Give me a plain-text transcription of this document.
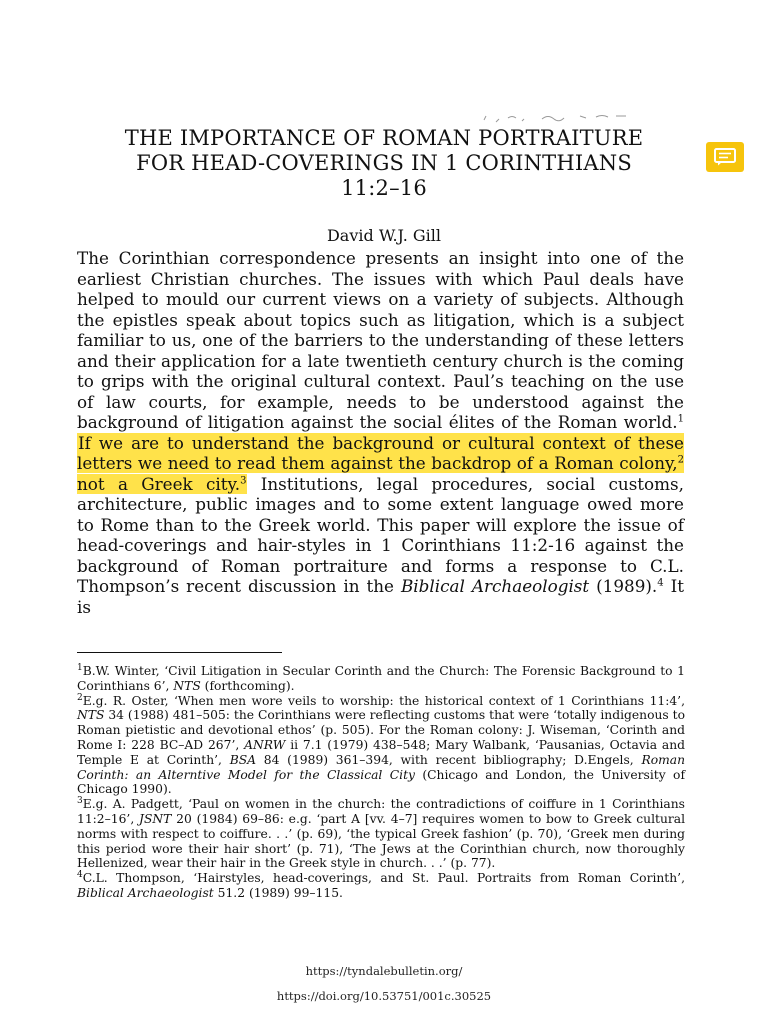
THE IMPORTANCE OF ROMAN PORTRAITURE
FOR HEAD-COVERINGS IN 1 CORINTHIANS
11:2–16
David W.J. Gill
The Corinthian correspondence presents an insight into one of the earliest Christian churches. The issues with which Paul deals have helped to mould our current views on a variety of subjects. Although the epistles speak about topics such as litigation, which is a subject familiar to us, one of the barriers to the understanding of these letters and their application for a late twentieth century church is the coming to grips with the original cultural context. Paul’s teaching on the use of law courts, for example, needs to be understood against the background of litigation against the social élites of the Roman world.$^1$ If we are to understand the background or cultural context of these letters we need to read them against the backdrop of a Roman colony,$^2$ not a Greek city.$^3$ Institutions, legal procedures, social customs, architecture, public images and to some extent language owed more to Rome than to the Greek world. This paper will explore the issue of head-coverings and hair-styles in 1 Corinthians 11:2-16 against the background of Roman portraiture and forms a response to C.L. Thompson’s recent discussion in the Biblical Archaeologist (1989).$^4$ It is

$^1$B.W. Winter, ‘Civil Litigation in Secular Corinth and the Church: The Forensic Background to 1 Corinthians 6’, NTS (forthcoming).

$^2$E.g. R. Oster, ‘When men wore veils to worship: the historical context of 1 Corinthians 11:4’, NTS 34 (1988) 481–505: the Corinthians were reflecting customs that were ‘totally indigenous to Roman pietistic and devotional ethos’ (p. 505). For the Roman colony: J. Wiseman, ‘Corinth and Rome I: 228 BC–AD 267’, ANRW ii 7.1 (1979) 438–548; Mary Walbank, ‘Pausanias, Octavia and Temple E at Corinth’, BSA 84 (1989) 361–394, with recent bibliography; D.Engels, Roman Corinth: an Alterntive Model for the Classical City (Chicago and London, the University of Chicago 1990).

$^3$E.g. A. Padgett, ‘Paul on women in the church: the contradictions of coiffure in 1 Corinthians 11:2–16’, JSNT 20 (1984) 69–86: e.g. ‘part A [vv. 4–7] requires women to bow to Greek cultural norms with respect to coiffure. . .’ (p. 69), ‘the typical Greek fashion’ (p. 70), ‘Greek men during this period wore their hair short’ (p. 71), ‘The Jews at the Corinthian church, now thoroughly Hellenized, wear their hair in the Greek style in church. . .’ (p. 77).

$^4$C.L. Thompson, ‘Hairstyles, head-coverings, and St. Paul. Portraits from Roman Corinth’, Biblical Archaeologist 51.2 (1989) 99–115.

https://tyndalebulletin.org/
https://doi.org/10.53751/001c.30525
